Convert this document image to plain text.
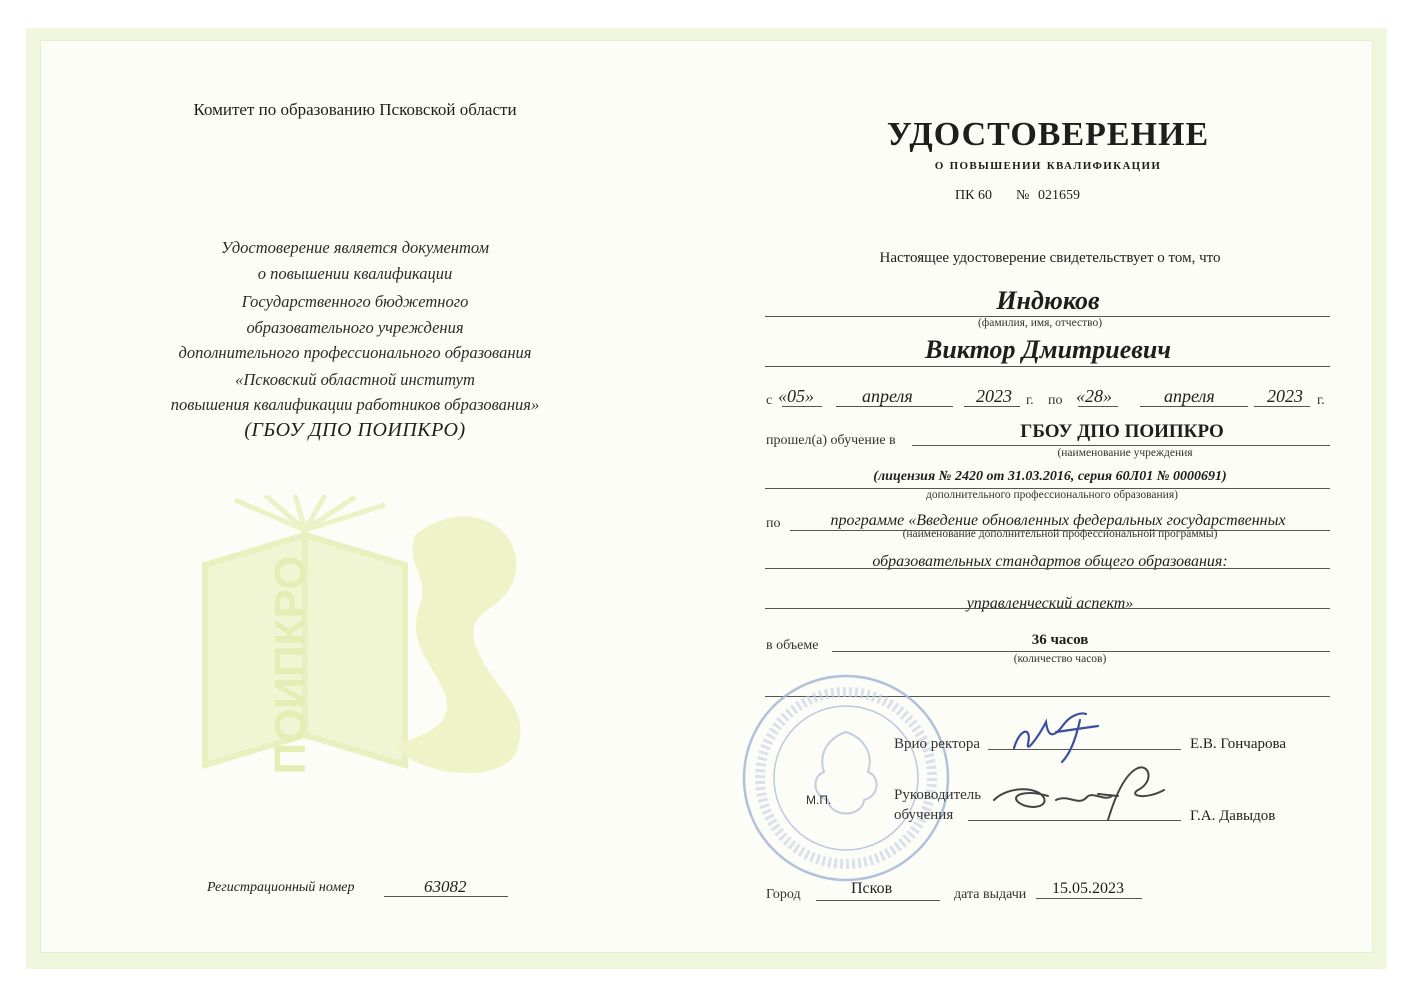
ПОИПКРО
Комитет по образованию Псковской области
Удостоверение является документом
о повышении квалификации
Государственного бюджетного
образовательного учреждения
дополнительного профессионального образования
«Псковский областной институт
повышения квалификации работников образования»
(ГБОУ ДПО ПОИПКРО)
Регистрационный номер	63082
УДОСТОВЕРЕНИЕ
о повышении квалификации
ПК 60 № 021659
Настоящее удостоверение свидетельствует о том, что
Индюков
(фамилия, имя, отчество)
Виктор Дмитриевич
с «05»	апреля	2023 г. по «28»	апреля	2023 г.
прошел(а) обучение в	ГБОУ ДПО ПОИПКРО
(наименование учреждения
(лицензия № 2420 от 31.03.2016, серия 60Л01 № 0000691)
дополнительного профессионального образования)
по	программе «Введение обновленных федеральных государственных
(наименование дополнительной профессиональной программы)
образовательных стандартов общего образования:
управленческий аспект»
в объеме	36 часов
(количество часов)
М.П.
Врио ректора	Е.В. Гончарова
Руководитель
обучения	Г.А. Давыдов
Город	Псков	дата выдачи 15.05.2023
